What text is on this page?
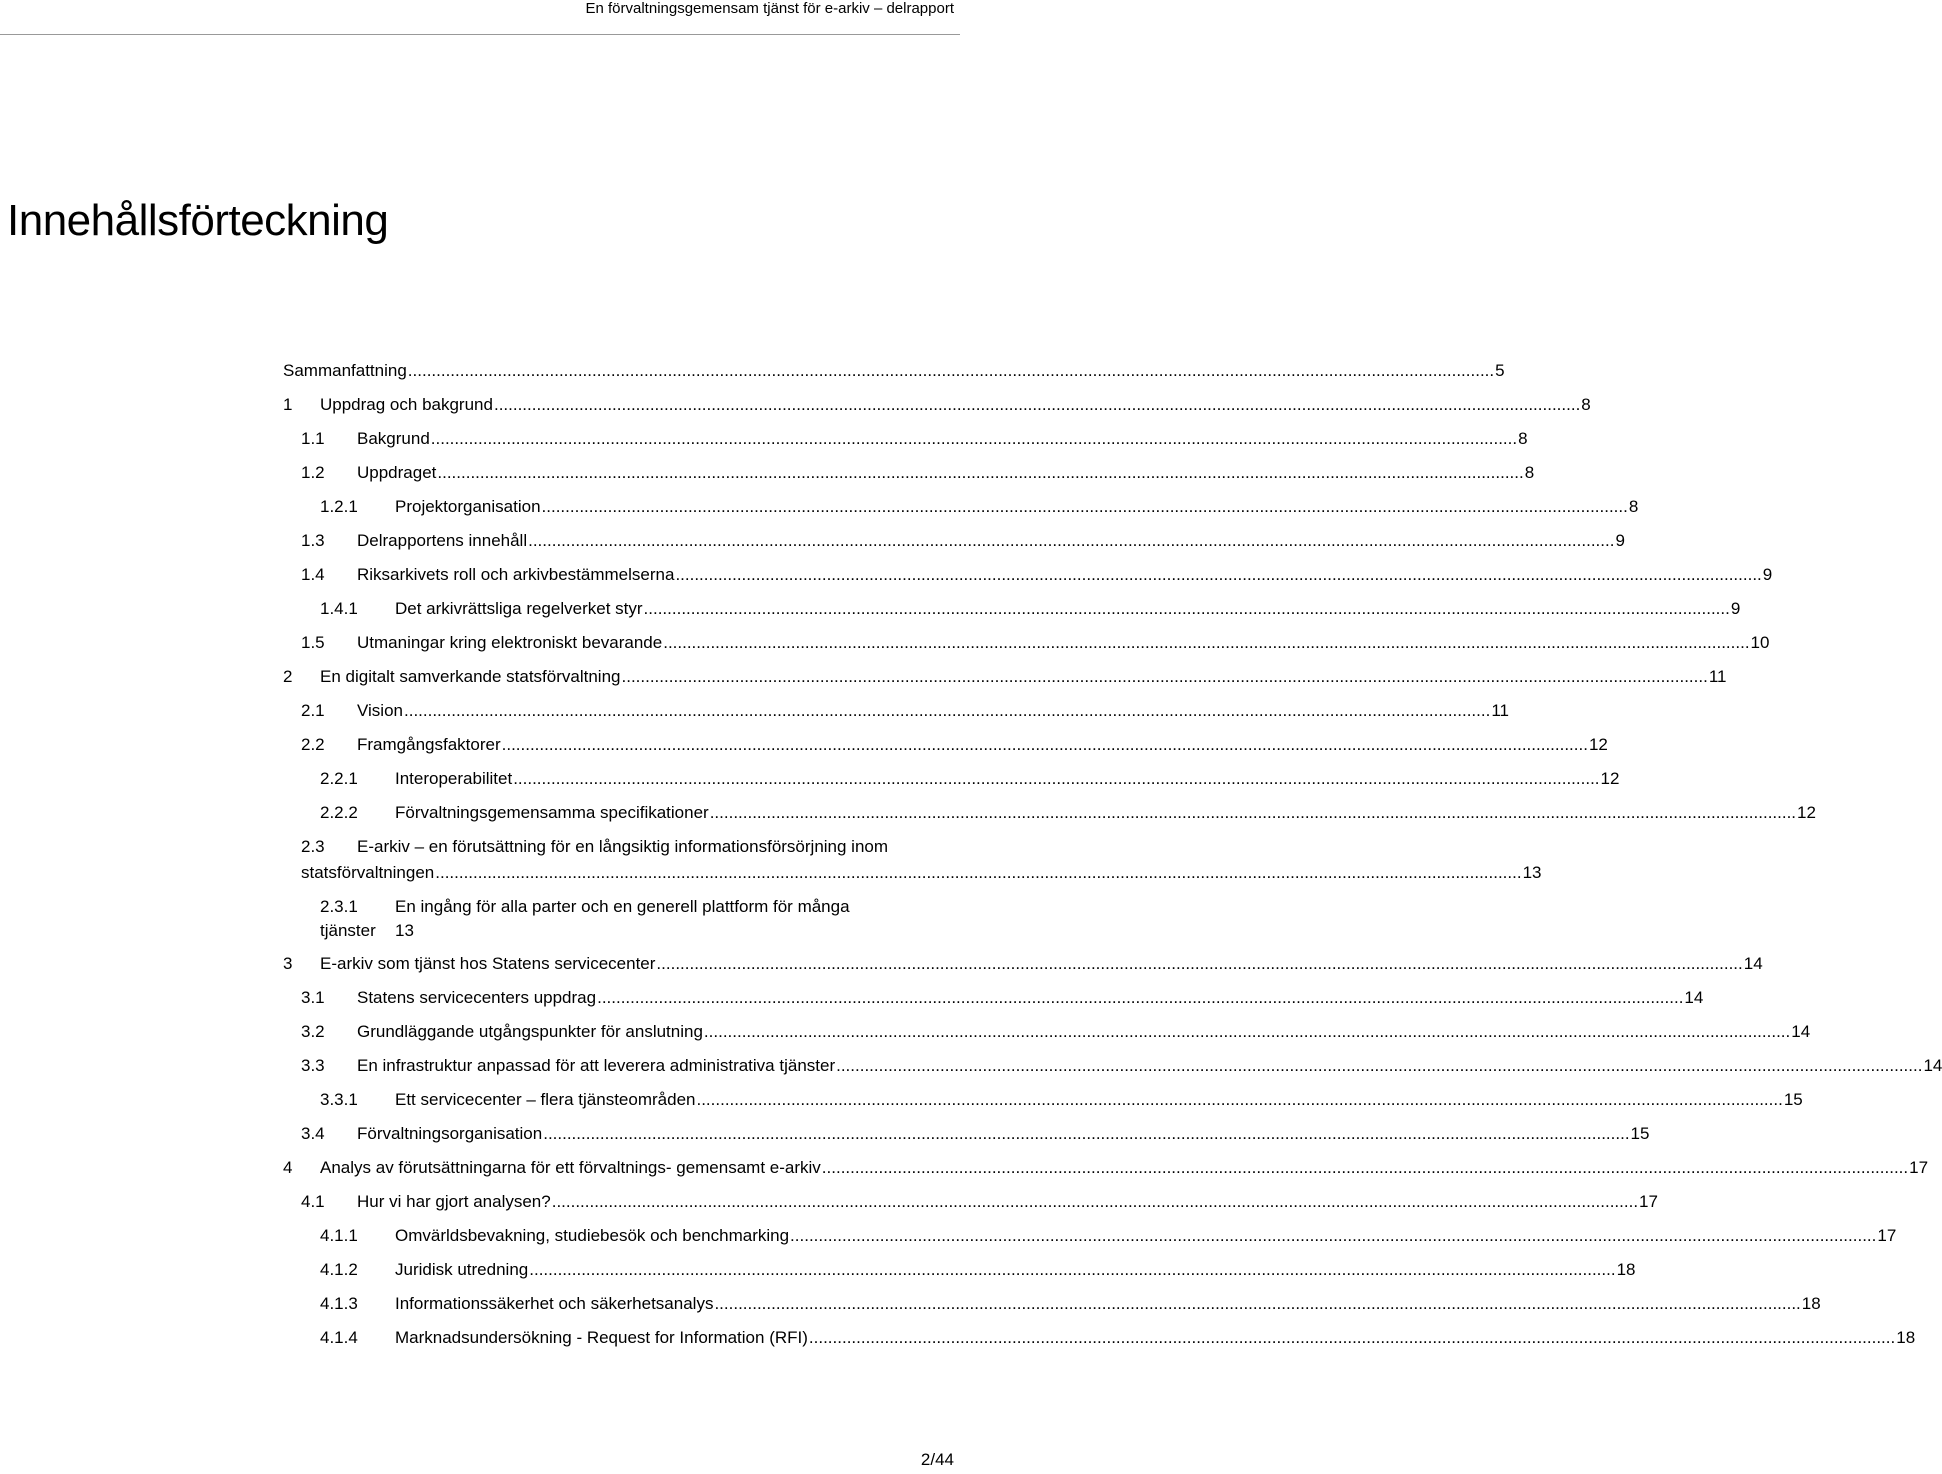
En förvaltningsgemensam tjänst för e-arkiv – delrapport
Innehållsförteckning
Sammanfattning .....	5
1	Uppdrag och bakgrund .....	8
1.1	Bakgrund .....	8
1.2	Uppdraget .....	8
1.2.1	Projektorganisation .....	8
1.3	Delrapportens innehåll .....	9
1.4	Riksarkivets roll och arkivbestämmelserna .....	9
1.4.1	Det arkivrättsliga regelverket styr .....	9
1.5	Utmaningar kring elektroniskt bevarande .....	10
2	En digitalt samverkande statsförvaltning .....	11
2.1	Vision .....	11
2.2	Framgångsfaktorer .....	12
2.2.1	Interoperabilitet .....	12
2.2.2	Förvaltningsgemensamma specifikationer .....	12
2.3	E-arkiv – en förutsättning för en långsiktig informationsförsörjning inom
statsförvaltningen .....	13
2.3.1	En ingång för alla parter och en generell plattform för många
tjänster	13
3	E-arkiv som tjänst hos Statens servicecenter .....	14
3.1	Statens servicecenters uppdrag .....	14
3.2	Grundläggande utgångspunkter för anslutning .....	14
3.3	En infrastruktur anpassad för att leverera administrativa tjänster .....	14
3.3.1	Ett servicecenter – flera tjänsteområden .....	15
3.4	Förvaltningsorganisation .....	15
4	Analys av förutsättningarna för ett förvaltnings- gemensamt e-arkiv .....	17
4.1	Hur vi har gjort analysen? .....	17
4.1.1	Omvärldsbevakning, studiebesök och benchmarking .....	17
4.1.2	Juridisk utredning .....	18
4.1.3	Informationssäkerhet och säkerhetsanalys .....	18
4.1.4	Marknadsundersökning - Request for Information (RFI) .....	18
2/44
